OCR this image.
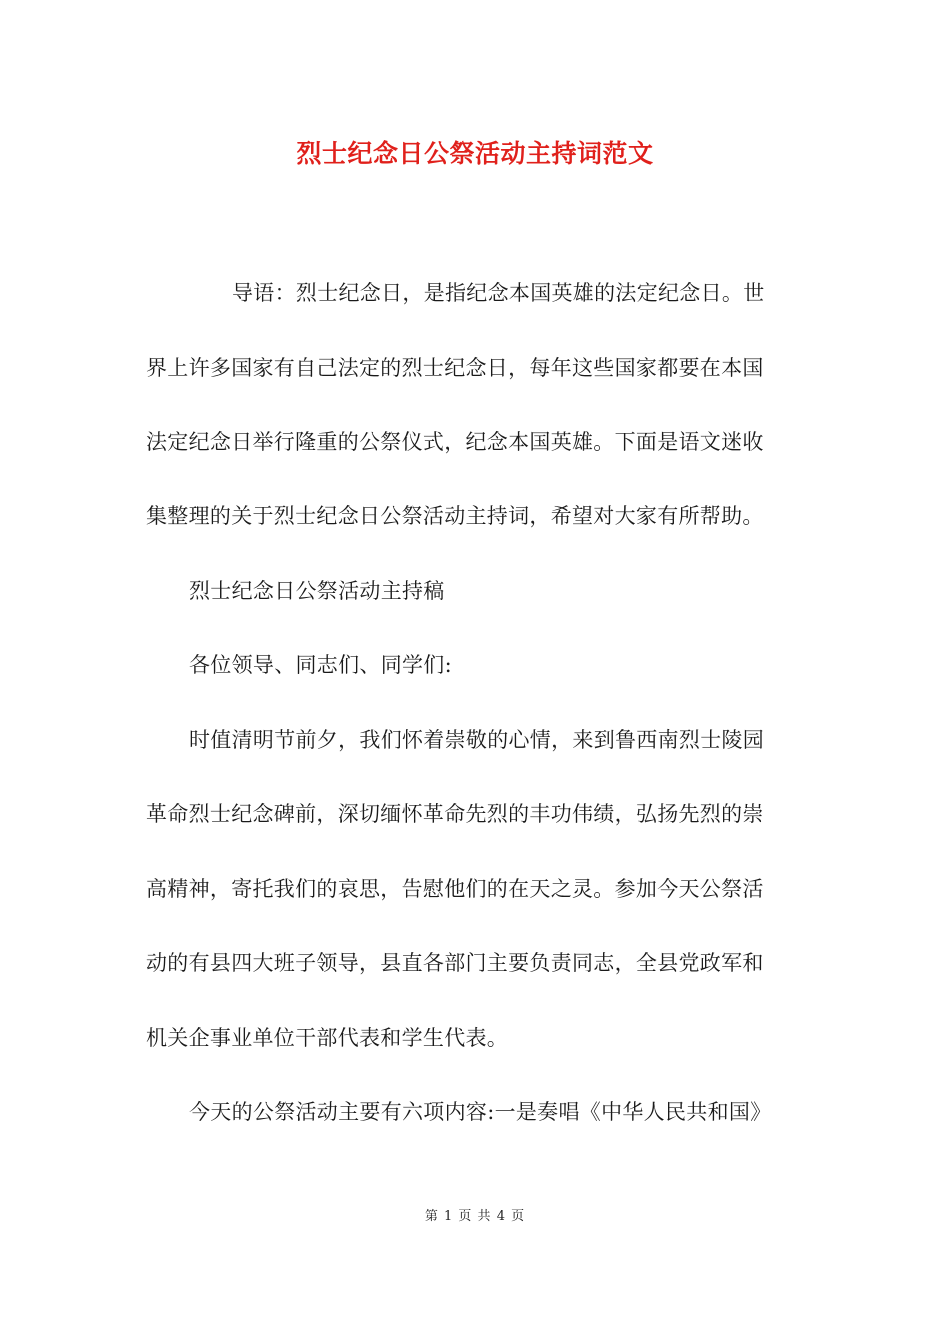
烈士纪念日公祭活动主持词范文
导语：烈士纪念日，是指纪念本国英雄的法定纪念日。世
界上许多国家有自己法定的烈士纪念日，每年这些国家都要在本国
法定纪念日举行隆重的公祭仪式，纪念本国英雄。下面是语文迷收
集整理的关于烈士纪念日公祭活动主持词，希望对大家有所帮助。
烈士纪念日公祭活动主持稿
各位领导、同志们、同学们:
时值清明节前夕，我们怀着崇敬的心情，来到鲁西南烈士陵园
革命烈士纪念碑前，深切缅怀革命先烈的丰功伟绩，弘扬先烈的崇
高精神，寄托我们的哀思，告慰他们的在天之灵。参加今天公祭活
动的有县四大班子领导，县直各部门主要负责同志，全县党政军和
机关企事业单位干部代表和学生代表。
今天的公祭活动主要有六项内容:一是奏唱《中华人民共和国》
第 1 页 共 4 页
